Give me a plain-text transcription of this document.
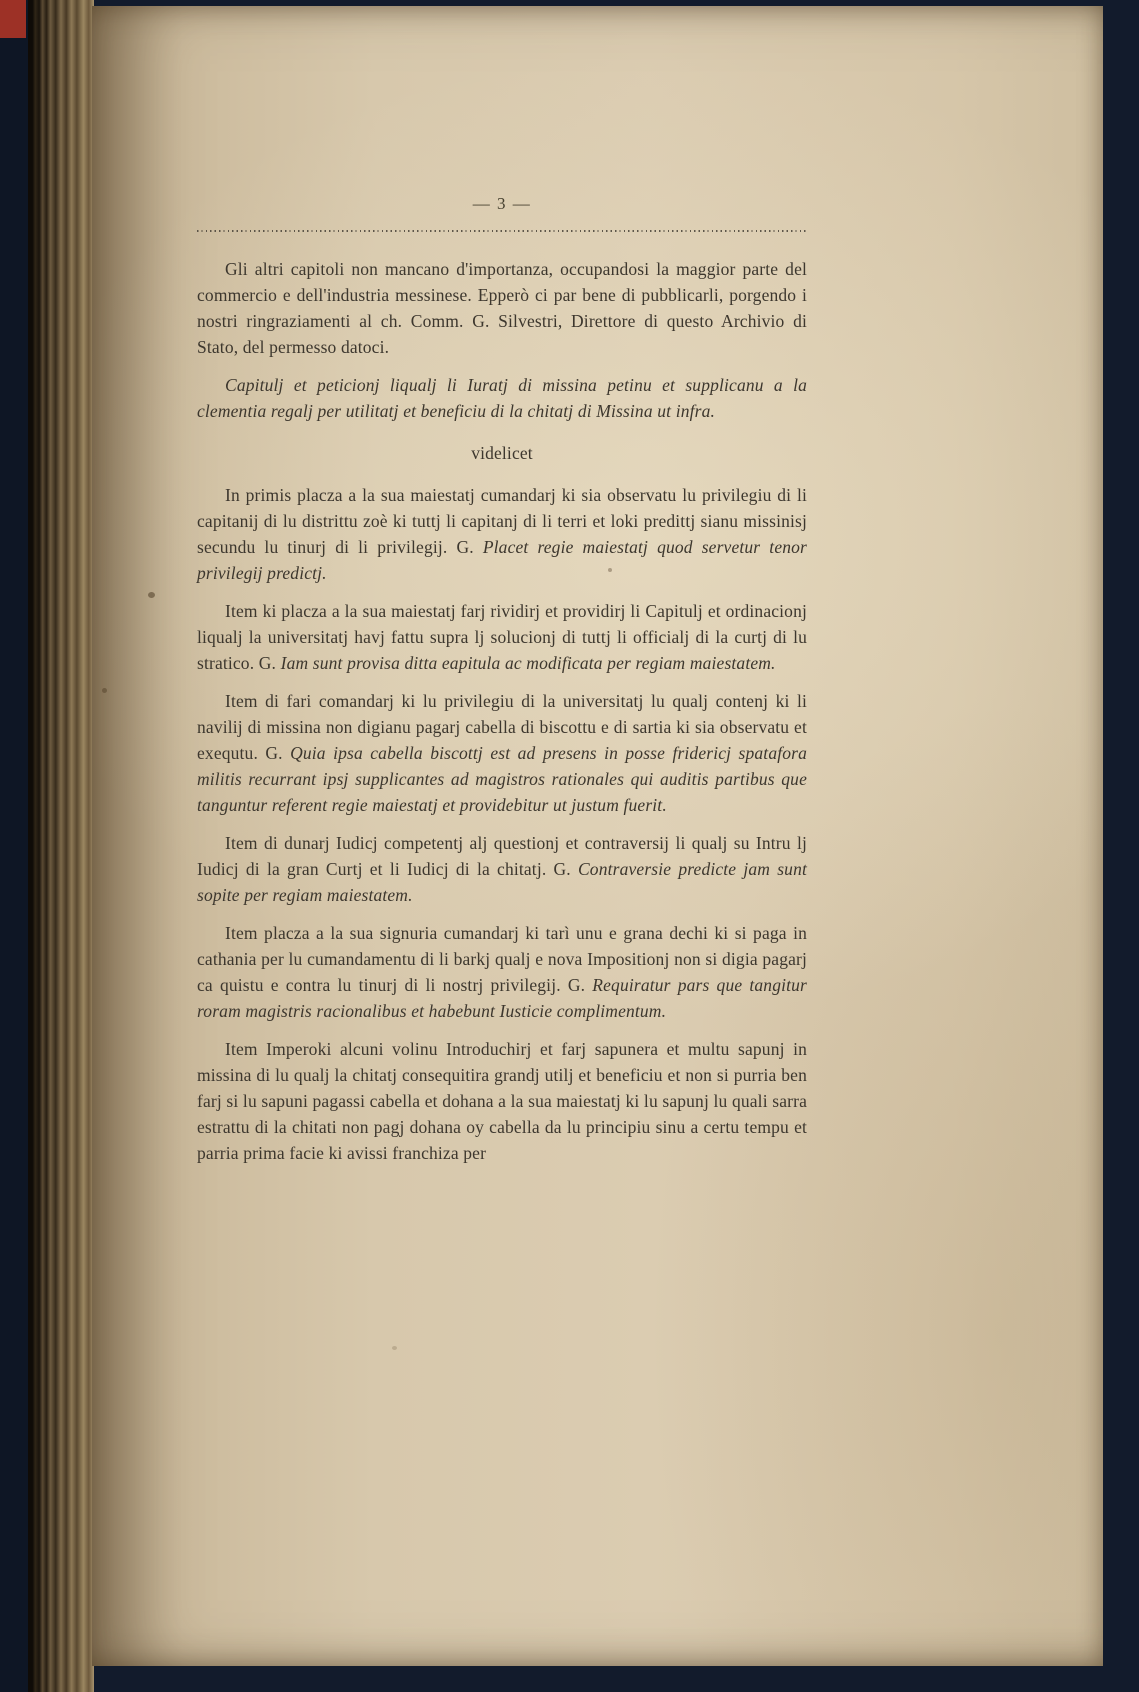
— 3 —

Gli altri capitoli non mancano d'importanza, occupandosi la maggior parte del commercio e dell'industria messinese. Epperò ci par bene di pubblicarli, porgendo i nostri ringraziamenti al ch. Comm. G. Silvestri, Direttore di questo Archivio di Stato, del permesso datoci.

Capitulj et peticionj liqualj li Iuratj di missina petinu et supplicanu a la clementia regalj per utilitatj et beneficiu di la chitatj di Missina ut infra.

videlicet

In primis placza a la sua maiestatj cumandarj ki sia observatu lu privilegiu di li capitanij di lu distrittu zoè ki tuttj li capitanj di li terri et loki predittj sianu missinisj secundu lu tinurj di li privilegij. G. Placet regie maiestatj quod servetur tenor privilegij predictj.

Item ki placza a la sua maiestatj farj rividirj et providirj li Capitulj et ordinacionj liqualj la universitatj havj fattu supra lj solucionj di tuttj li officialj di la curtj di lu stratico. G. Iam sunt provisa ditta eapitula ac modificata per regiam maiestatem.

Item di fari comandarj ki lu privilegiu di la universitatj lu qualj contenj ki li navilij di missina non digianu pagarj cabella di biscottu e di sartia ki sia observatu et exequtu. G. Quia ipsa cabella biscottj est ad presens in posse fridericj spatafora militis recurrant ipsj supplicantes ad magistros rationales qui auditis partibus que tanguntur referent regie maiestatj et providebitur ut justum fuerit.

Item di dunarj Iudicj competentj alj questionj et contraversij li qualj su Intru lj Iudicj di la gran Curtj et li Iudicj di la chitatj. G. Contraversie predicte jam sunt sopite per regiam maiestatem.

Item placza a la sua signuria cumandarj ki tarì unu e grana dechi ki si paga in cathania per lu cumandamentu di li barkj qualj e nova Impositionj non si digia pagarj ca quistu e contra lu tinurj di li nostrj privilegij. G. Requiratur pars que tangitur roram magistris racionalibus et habebunt Iusticie complimentum.

Item Imperoki alcuni volinu Introduchirj et farj sapunera et multu sapunj in missina di lu qualj la chitatj consequitira grandj utilj et beneficiu et non si purria ben farj si lu sapuni pagassi cabella et dohana a la sua maiestatj ki lu sapunj lu quali sarra estrattu di la chitati non pagj dohana oy cabella da lu principiu sinu a certu tempu et parria prima facie ki avissi franchiza per
